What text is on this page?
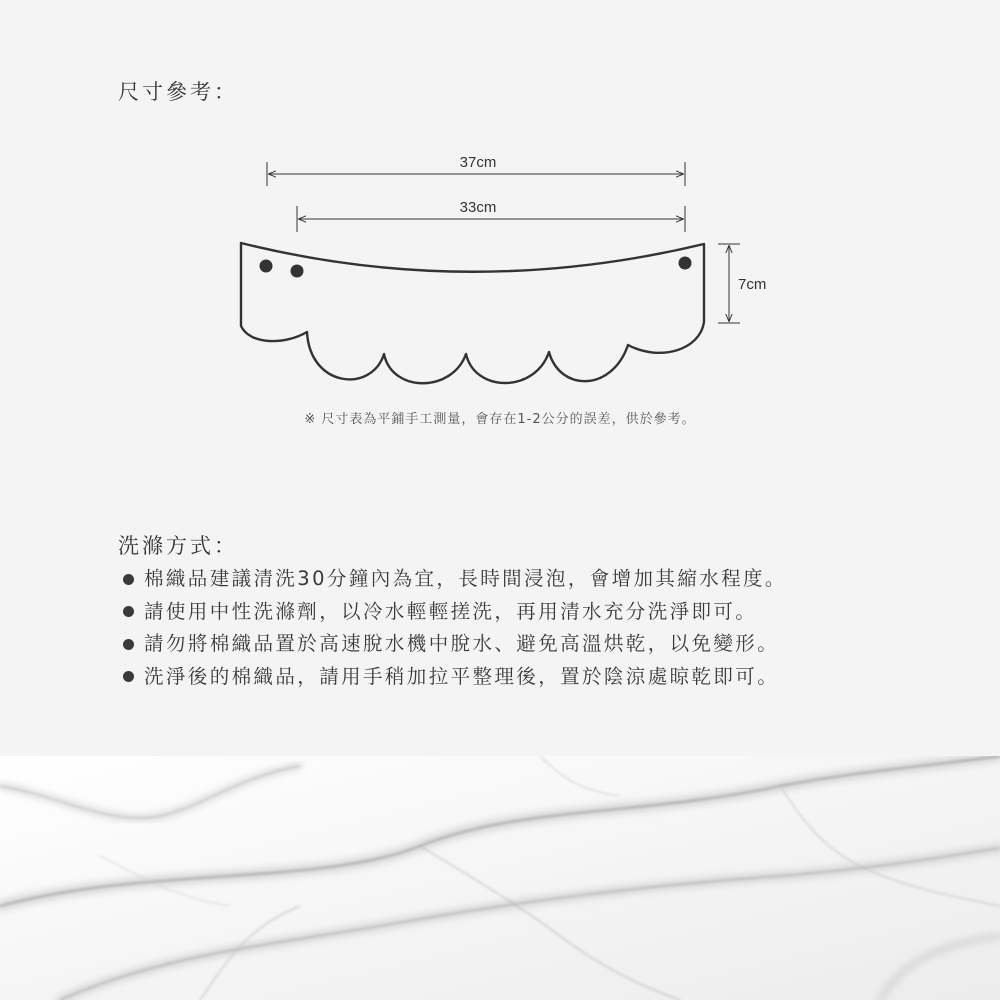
尺寸參考：
37cm
33cm
7cm
※ 尺寸表為平鋪手工測量，會存在1-2公分的誤差，供於參考。
洗滌方式：
棉織品建議清洗30分鐘內為宜，長時間浸泡，會增加其縮水程度。
請使用中性洗滌劑，以冷水輕輕搓洗，再用清水充分洗淨即可。
請勿將棉織品置於高速脫水機中脫水、避免高溫烘乾，以免變形。
洗淨後的棉織品，請用手稍加拉平整理後，置於陰涼處晾乾即可。
